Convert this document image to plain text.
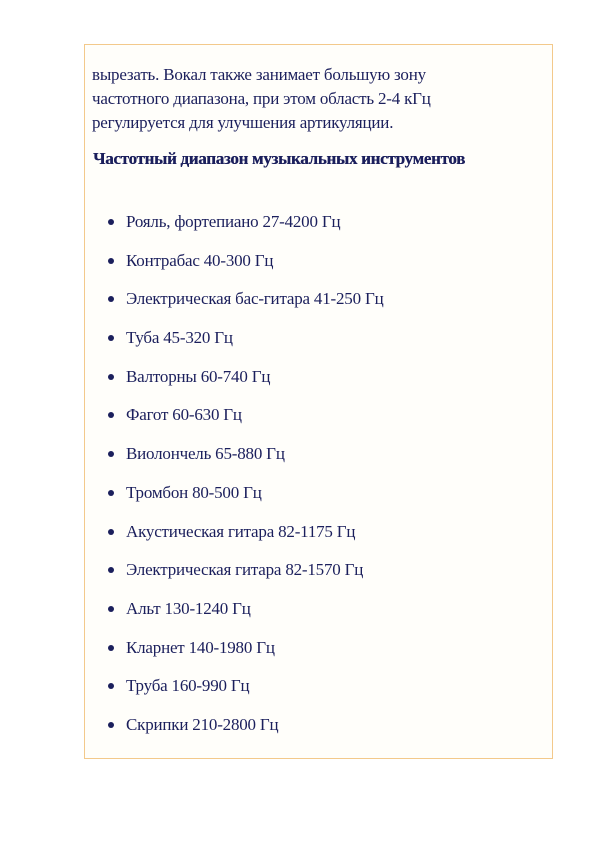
вырезать. Вокал также занимает большую зону
частотного диапазона, при этом область 2-4 кГц
регулируется для улучшения артикуляции.

Частотный диапазон музыкальных инструментов
Рояль, фортепиано 27-4200 Гц
Контрабас 40-300 Гц
Электрическая бас-гитара 41-250 Гц
Туба 45-320 Гц
Валторны 60-740 Гц
Фагот 60-630 Гц
Виолончель 65-880 Гц
Тромбон 80-500 Гц
Акустическая гитара 82-1175 Гц
Электрическая гитара 82-1570 Гц
Альт 130-1240 Гц
Кларнет 140-1980 Гц
Труба 160-990 Гц
Скрипки 210-2800 Гц
